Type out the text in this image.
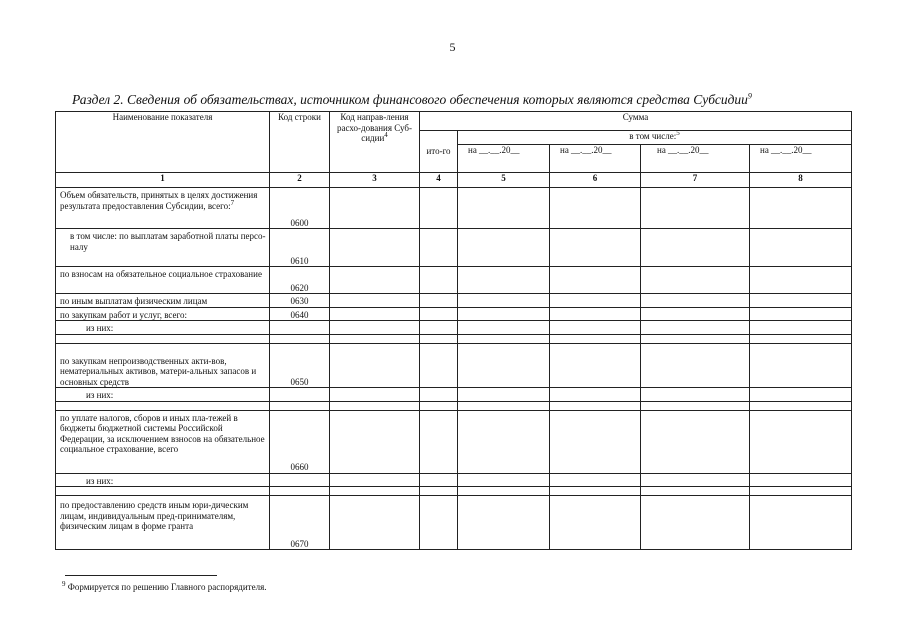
5
Раздел 2. Сведения об обязательствах, источником финансового обеспечения которых являются средства Субсидии$^9$
Наименование показателя	Код строки	Код направ-ления расхо-дования Суб-сидии$^4$	Сумма				
			ито-го	в том числе:$^5$
				на __.__.20__	на __.__.20__	на __.__.20__	на __.__.20__
1	2	3	4	5	6	7	8
Объем обязательств, принятых в целях достижения результата предоставления Субсидии, всего:$^7$	0600						
в том числе: по выплатам заработной платы персо-налу	0610						
по взносам на обязательное социальное страхование	0620						
по иным выплатам физическим лицам	0630						
по закупкам работ и услуг, всего:	0640						
из них:							

по закупкам непроизводственных акти-вов, нематериальных активов, матери-альных запасов и основных средств	0650						
из них:							

по уплате налогов, сборов и иных пла-тежей в бюджеты бюджетной системы Российской Федерации, за исключением взносов на обязательное социальное страхование, всего	0660						
из них:							

по предоставлению средств иным юри-дическим лицам, индивидуальным пред-принимателям, физическим лицам в форме гранта	0670						
$^9$ Формируется по решению Главного распорядителя.
